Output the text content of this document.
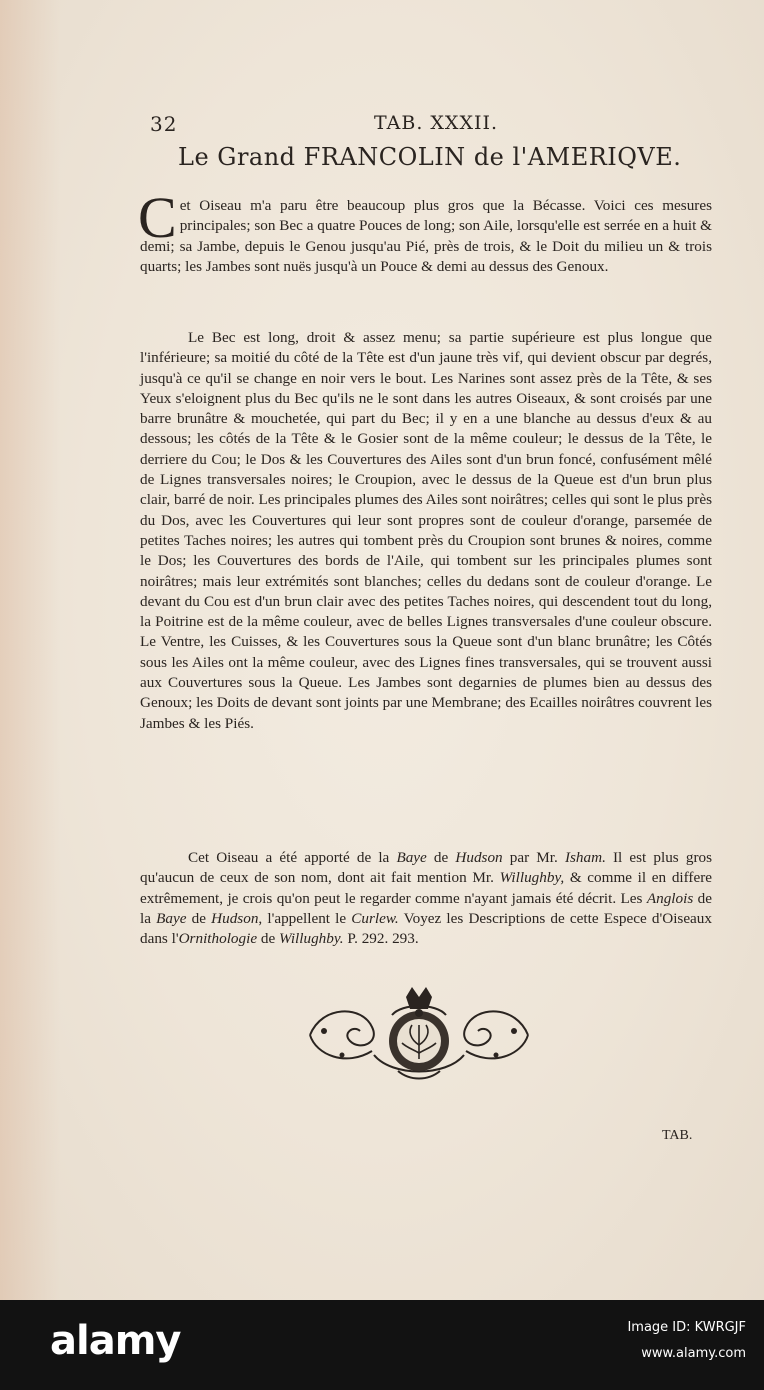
32	TAB. XXXII.
Le Grand FRANCOLIN de l'AMERIQVE.

Cet Oiseau m'a paru être beaucoup plus gros que la Bécasse. Voici ces mesures principales; son Bec a quatre Pouces de long; son Aile, lorsqu'elle est serrée en a huit & demi; sa Jambe, depuis le Genou jusqu'au Pié, près de trois, & le Doit du milieu un & trois quarts; les Jambes sont nuës jusqu'à un Pouce & demi au dessus des Genoux.

Le Bec est long, droit & assez menu; sa partie supérieure est plus longue que l'inférieure; sa moitié du côté de la Tête est d'un jaune très vif, qui devient obscur par degrés, jusqu'à ce qu'il se change en noir vers le bout. Les Narines sont assez près de la Tête, & ses Yeux s'eloignent plus du Bec qu'ils ne le sont dans les autres Oiseaux, & sont croisés par une barre brunâtre & mouchetée, qui part du Bec; il y en a une blanche au dessus d'eux & au dessous; les côtés de la Tête & le Gosier sont de la même couleur; le dessus de la Tête, le derriere du Cou; le Dos & les Couvertures des Ailes sont d'un brun foncé, confusément mêlé de Lignes transversales noires; le Croupion, avec le dessus de la Queue est d'un brun plus clair, barré de noir. Les principales plumes des Ailes sont noirâtres; celles qui sont le plus près du Dos, avec les Couvertures qui leur sont propres sont de couleur d'orange, parsemée de petites Taches noires; les autres qui tombent près du Croupion sont brunes & noires, comme le Dos; les Couvertures des bords de l'Aile, qui tombent sur les principales plumes sont noirâtres; mais leur extrémités sont blanches; celles du dedans sont de couleur d'orange. Le devant du Cou est d'un brun clair avec des petites Taches noires, qui descendent tout du long, la Poitrine est de la même couleur, avec de belles Lignes transversales d'une couleur obscure. Le Ventre, les Cuisses, & les Couvertures sous la Queue sont d'un blanc brunâtre; les Côtés sous les Ailes ont la même couleur, avec des Lignes fines transversales, qui se trouvent aussi aux Couvertures sous la Queue. Les Jambes sont degarnies de plumes bien au dessus des Genoux; les Doits de devant sont joints par une Membrane; des Ecailles noirâtres couvrent les Jambes & les Piés.

Cet Oiseau a été apporté de la Baye de Hudson par Mr. Isham. Il est plus gros qu'aucun de ceux de son nom, dont ait fait mention Mr. Willughby, & comme il en differe extrêmement, je crois qu'on peut le regarder comme n'ayant jamais été décrit. Les Anglois de la Baye de Hudson, l'appellent le Curlew. Voyez les Descriptions de cette Espece d'Oiseaux dans l'Ornithologie de Willughby. P. 292. 293.

TAB.
alamy	Image ID: KWRGJF
www.alamy.com
